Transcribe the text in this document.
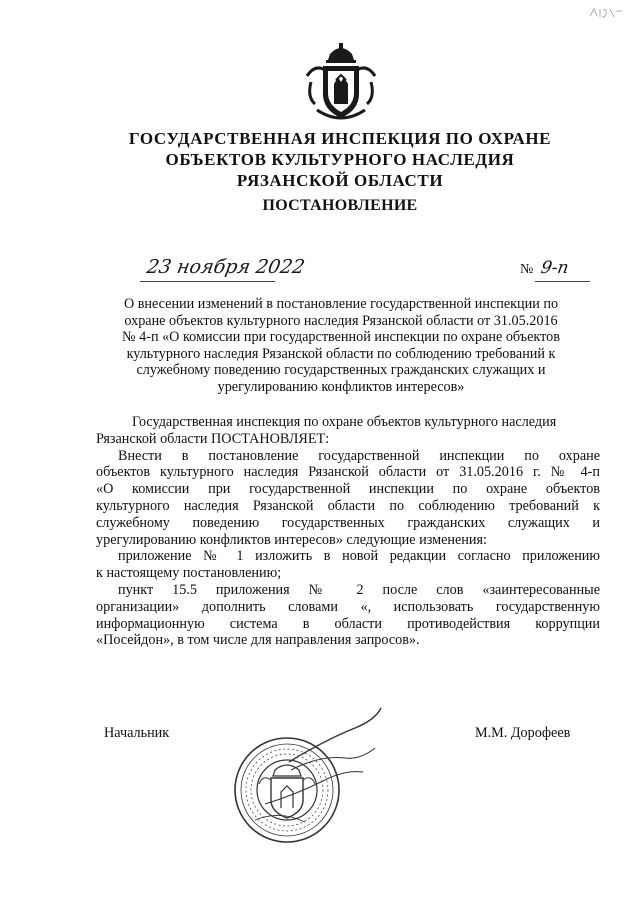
ГОСУДАРСТВЕННАЯ ИНСПЕКЦИЯ ПО ОХРАНЕ
ОБЪЕКТОВ КУЛЬТУРНОГО НАСЛЕДИЯ
РЯЗАНСКОЙ ОБЛАСТИ
ПОСТАНОВЛЕНИЕ
23 ноября 2022	№ 9-п
О внесении изменений в постановление государственной инспекции по
охране объектов культурного наследия Рязанской области от 31.05.2016
№ 4-п «О комиссии при государственной инспекции по охране объектов
культурного наследия Рязанской области по соблюдению требований к
служебному поведению государственных гражданских служащих и
урегулированию конфликтов интересов»
Государственная инспекция по охране объектов культурного наследия
Рязанской области ПОСТАНОВЛЯЕТ:
Внести в постановление государственной инспекции по охране
объектов культурного наследия Рязанской области от 31.05.2016 г. № 4-п
«О комиссии при государственной инспекции по охране объектов
культурного наследия Рязанской области по соблюдению требований к
служебному поведению государственных гражданских служащих и
урегулированию конфликтов интересов» следующие изменения:
приложение № 1 изложить в новой редакции согласно приложению
к настоящему постановлению;
пункт 15.5 приложения № 2 после слов «заинтересованные
организации» дополнить словами «, использовать государственную
информационную система в области противодействия коррупции
«Посейдон», в том числе для направления запросов».
Начальник	М.М. Дорофеев
